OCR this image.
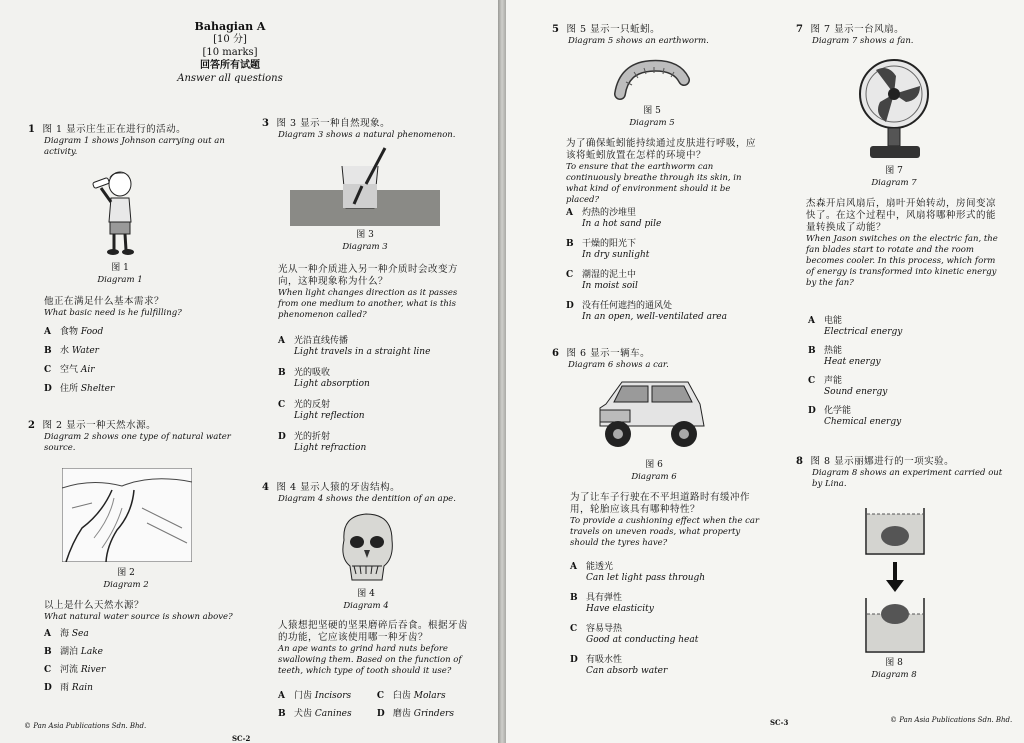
Bahagian A
[10 分]
[10 marks]
回答所有试题
Answer all questions
1 图 1 显示庄生正在进行的活动。
Diagram 1 shows Johnson carrying out an activity.
图 1
Diagram 1
他正在满足什么基本需求？
What basic need is he fulfilling?
A 食物 Food
B 水 Water
C 空气 Air
D 住所 Shelter
2 图 2 显示一种天然水源。
Diagram 2 shows one type of natural water source.
图 2
Diagram 2
以上是什么天然水源？
What natural water source is shown above?
A 海 Sea
B 湖泊 Lake
C 河流 River
D 雨 Rain
3 图 3 显示一种自然现象。
Diagram 3 shows a natural phenomenon.
图 3
Diagram 3
光从一种介质进入另一种介质时会改变方向，这种现象称为什么？
When light changes direction as it passes from one medium to another, what is this phenomenon called?
A 光沿直线传播
Light travels in a straight line
B 光的吸收
Light absorption
C 光的反射
Light reflection
D 光的折射
Light refraction
4 图 4 显示人猿的牙齿结构。
Diagram 4 shows the dentition of an ape.
图 4
Diagram 4
人猿想把坚硬的坚果磨碎后吞食。根据牙齿的功能，它应该使用哪一种牙齿？
An ape wants to grind hard nuts before swallowing them. Based on the function of teeth, which type of tooth should it use?
A 门齿 Incisors	C 臼齿 Molars
B 犬齿 Canines	D 磨齿 Grinders
© Pan Asia Publications Sdn. Bhd.
SC-2
5 图 5 显示一只蚯蚓。
Diagram 5 shows an earthworm.
图 5
Diagram 5
为了确保蚯蚓能持续通过皮肤进行呼吸，应该将蚯蚓放置在怎样的环境中？
To ensure that the earthworm can continuously breathe through its skin, in what kind of environment should it be placed?
A 灼热的沙堆里
In a hot sand pile
B 干燥的阳光下
In dry sunlight
C 潮湿的泥土中
In moist soil
D 没有任何遮挡的通风处
In an open, well-ventilated area
6 图 6 显示一辆车。
Diagram 6 shows a car.
图 6
Diagram 6
为了让车子行驶在不平坦道路时有缓冲作用，轮胎应该具有哪种特性？
To provide a cushioning effect when the car travels on uneven roads, what property should the tyres have?
A 能透光
Can let light pass through
B 具有弹性
Have elasticity
C 容易导热
Good at conducting heat
D 有吸水性
Can absorb water
7 图 7 显示一台风扇。
Diagram 7 shows a fan.
图 7
Diagram 7
杰森开启风扇后，扇叶开始转动，房间变凉快了。在这个过程中，风扇将哪种形式的能量转换成了动能？
When Jason switches on the electric fan, the fan blades start to rotate and the room becomes cooler. In this process, which form of energy is transformed into kinetic energy by the fan?
A 电能
Electrical energy
B 热能
Heat energy
C 声能
Sound energy
D 化学能
Chemical energy
8 图 8 显示丽娜进行的一项实验。
Diagram 8 shows an experiment carried out by Lina.
图 8
Diagram 8
SC-3	© Pan Asia Publications Sdn. Bhd.
